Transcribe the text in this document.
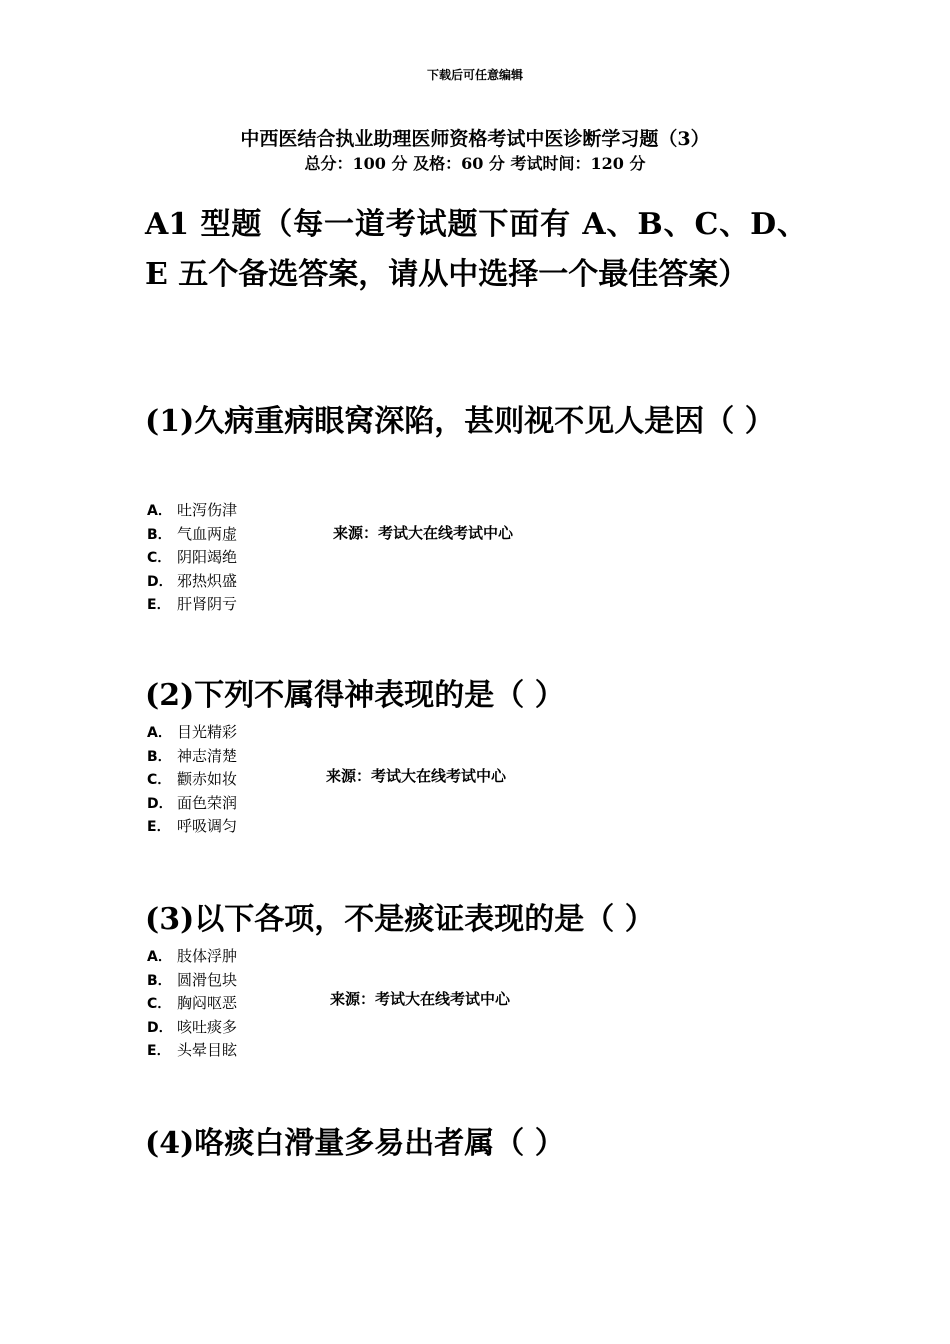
下载后可任意编辑
中西医结合执业助理医师资格考试中医诊断学习题（3）
总分：100 分 及格：60 分 考试时间：120 分
A1 型题（每一道考试题下面有 A、B、C、D、E 五个备选答案，请从中选择一个最佳答案）
(1)久病重病眼窝深陷，甚则视不见人是因（ ）
A． 吐泻伤津
B． 气血两虚
C． 阴阳竭绝
D． 邪热炽盛
E． 肝肾阴亏
来源：考试大在线考试中心
(2)下列不属得神表现的是（ ）
A． 目光精彩
B． 神志清楚
C． 颧赤如妆
D． 面色荣润
E． 呼吸调匀
来源：考试大在线考试中心
(3)以下各项，不是痰证表现的是（ ）
A． 肢体浮肿
B． 圆滑包块
C． 胸闷呕恶
D． 咳吐痰多
E． 头晕目眩
来源：考试大在线考试中心
(4)咯痰白滑量多易出者属（ ）
